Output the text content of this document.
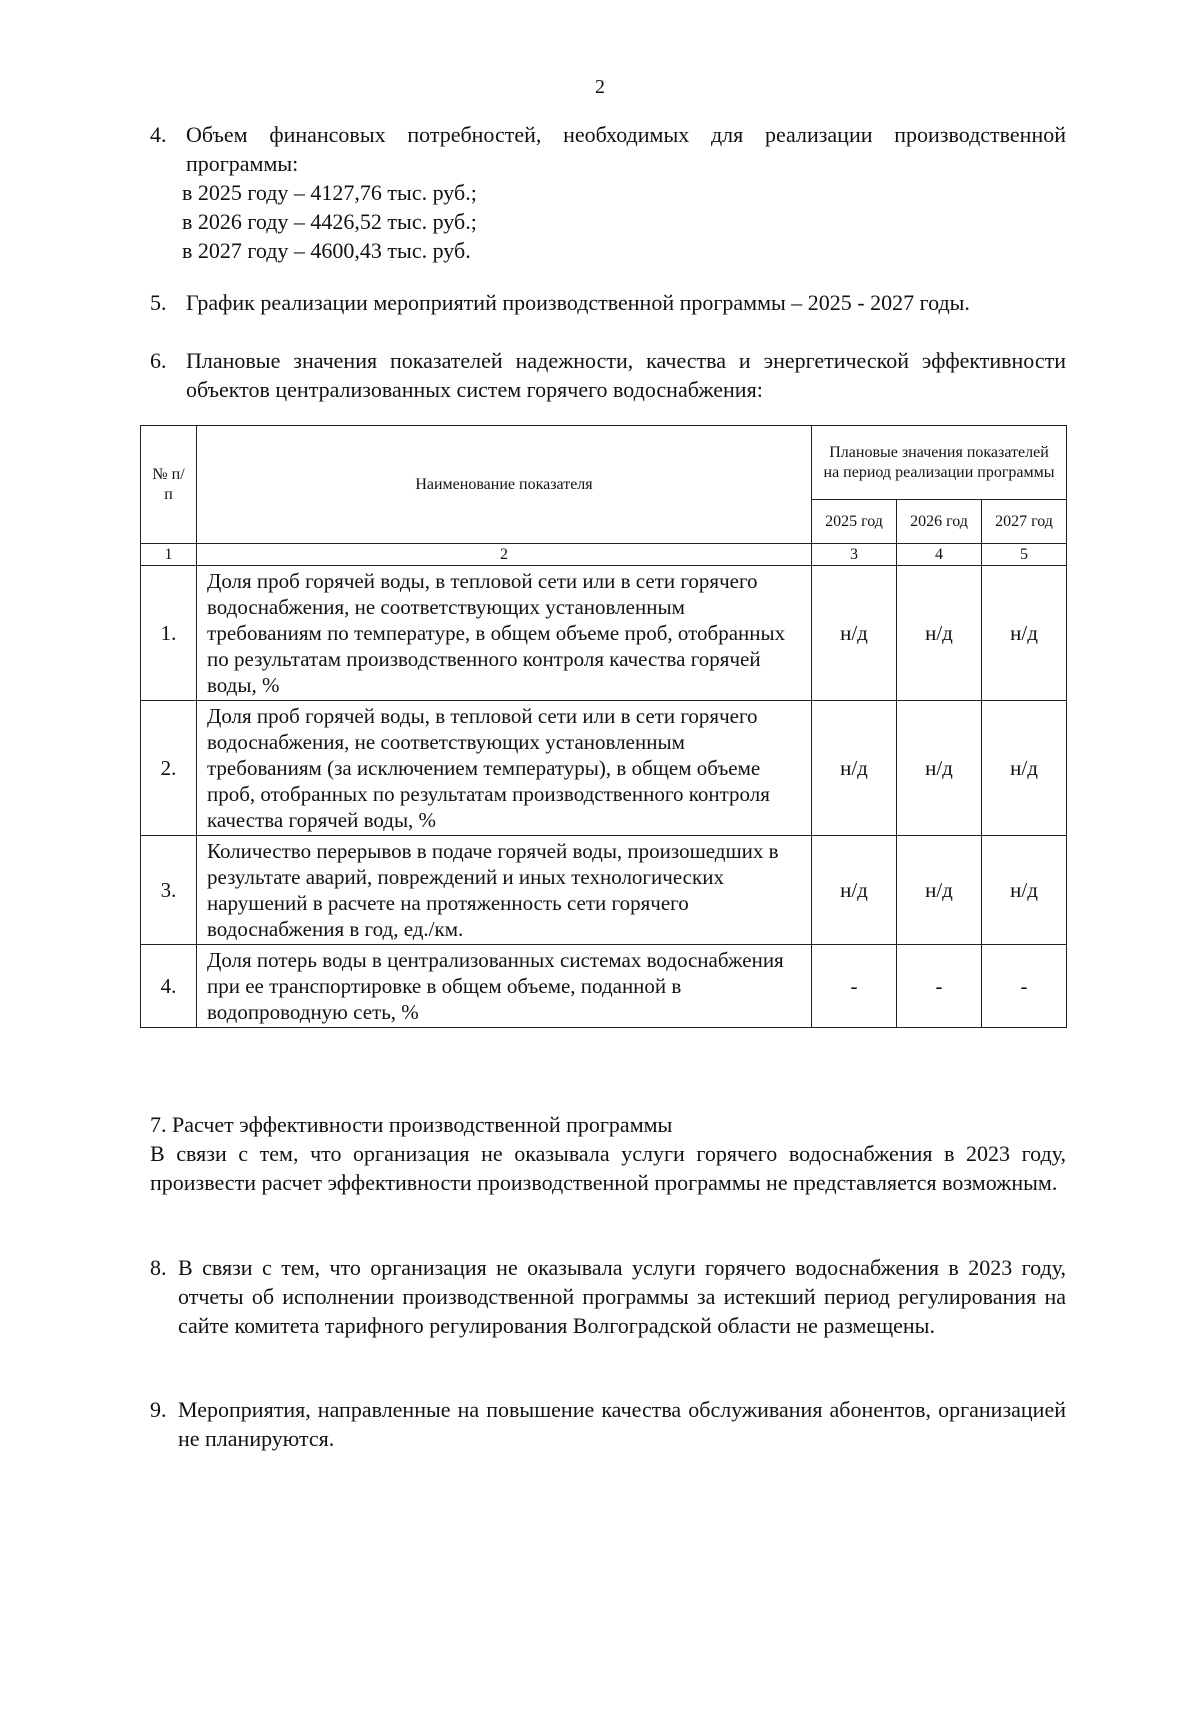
2
4. Объем финансовых потребностей, необходимых для реализации производственной программы:
в 2025 году – 4127,76 тыс. руб.;
в 2026 году – 4426,52 тыс. руб.;
в 2027 году – 4600,43 тыс. руб.
5. График реализации мероприятий производственной программы – 2025 - 2027 годы.
6. Плановые значения показателей надежности, качества и энергетической эффективности объектов централизованных систем горячего водоснабжения:
№ п/п	Наименование показателя	Плановые значения показателей на период реализации программы		
		2025 год	2026 год	2027 год
1	2	3	4	5
1.	Доля проб горячей воды, в тепловой сети или в сети горячего водоснабжения, не соответствующих установленным требованиям по температуре, в общем объеме проб, отобранных по результатам производственного контроля качества горячей воды, %	н/д	н/д	н/д
2.	Доля проб горячей воды, в тепловой сети или в сети горячего водоснабжения, не соответствующих установленным требованиям (за исключением температуры), в общем объеме проб, отобранных по результатам производственного контроля качества горячей воды, %	н/д	н/д	н/д
3.	Количество перерывов в подаче горячей воды, произошедших в результате аварий, повреждений и иных технологических нарушений в расчете на протяженность сети горячего водоснабжения в год, ед./км.	н/д	н/д	н/д
4.	Доля потерь воды в централизованных системах водоснабжения при ее транспортировке в общем объеме, поданной в водопроводную сеть, %	-	-	-
7. Расчет эффективности производственной программы
В связи с тем, что организация не оказывала услуги горячего водоснабжения в 2023 году, произвести расчет эффективности производственной программы не представляется возможным.
8. В связи с тем, что организация не оказывала услуги горячего водоснабжения в 2023 году, отчеты об исполнении производственной программы за истекший период регулирования на сайте комитета тарифного регулирования Волгоградской области не размещены.
9. Мероприятия, направленные на повышение качества обслуживания абонентов, организацией не планируются.
